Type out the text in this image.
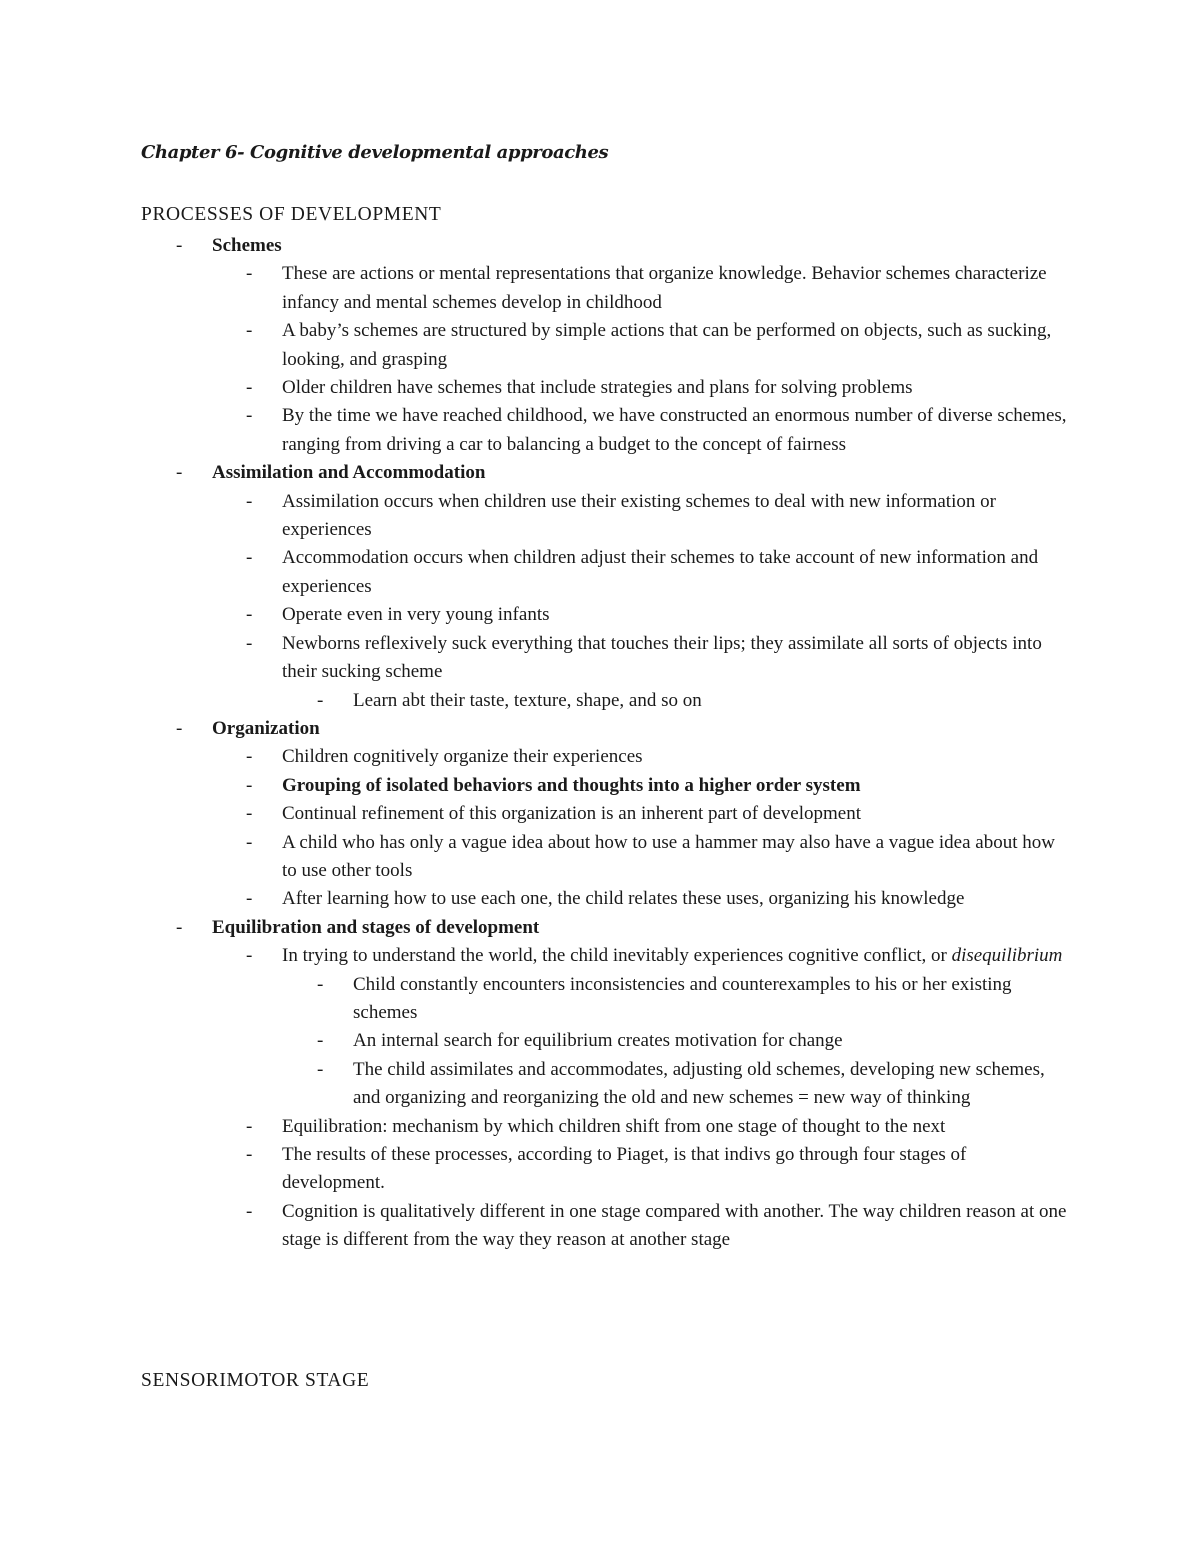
Chapter 6- Cognitive developmental approaches
PROCESSES OF DEVELOPMENT
- Schemes
- These are actions or mental representations that organize knowledge. Behavior schemes characterize infancy and mental schemes develop in childhood
- A baby’s schemes are structured by simple actions that can be performed on objects, such as sucking, looking, and grasping
- Older children have schemes that include strategies and plans for solving problems
- By the time we have reached childhood, we have constructed an enormous number of diverse schemes, ranging from driving a car to balancing a budget to the concept of fairness
- Assimilation and Accommodation
- Assimilation occurs when children use their existing schemes to deal with new information or experiences
- Accommodation occurs when children adjust their schemes to take account of new information and experiences
- Operate even in very young infants
- Newborns reflexively suck everything that touches their lips; they assimilate all sorts of objects into their sucking scheme
- Learn abt their taste, texture, shape, and so on
- Organization
- Children cognitively organize their experiences
- Grouping of isolated behaviors and thoughts into a higher order system
- Continual refinement of this organization is an inherent part of development
- A child who has only a vague idea about how to use a hammer may also have a vague idea about how to use other tools
- After learning how to use each one, the child relates these uses, organizing his knowledge
- Equilibration and stages of development
- In trying to understand the world, the child inevitably experiences cognitive conflict, or disequilibrium
- Child constantly encounters inconsistencies and counterexamples to his or her existing schemes
- An internal search for equilibrium creates motivation for change
- The child assimilates and accommodates, adjusting old schemes, developing new schemes, and organizing and reorganizing the old and new schemes = new way of thinking
- Equilibration: mechanism by which children shift from one stage of thought to the next
- The results of these processes, according to Piaget, is that indivs go through four stages of development.
- Cognition is qualitatively different in one stage compared with another. The way children reason at one stage is different from the way they reason at another stage
SENSORIMOTOR STAGE
